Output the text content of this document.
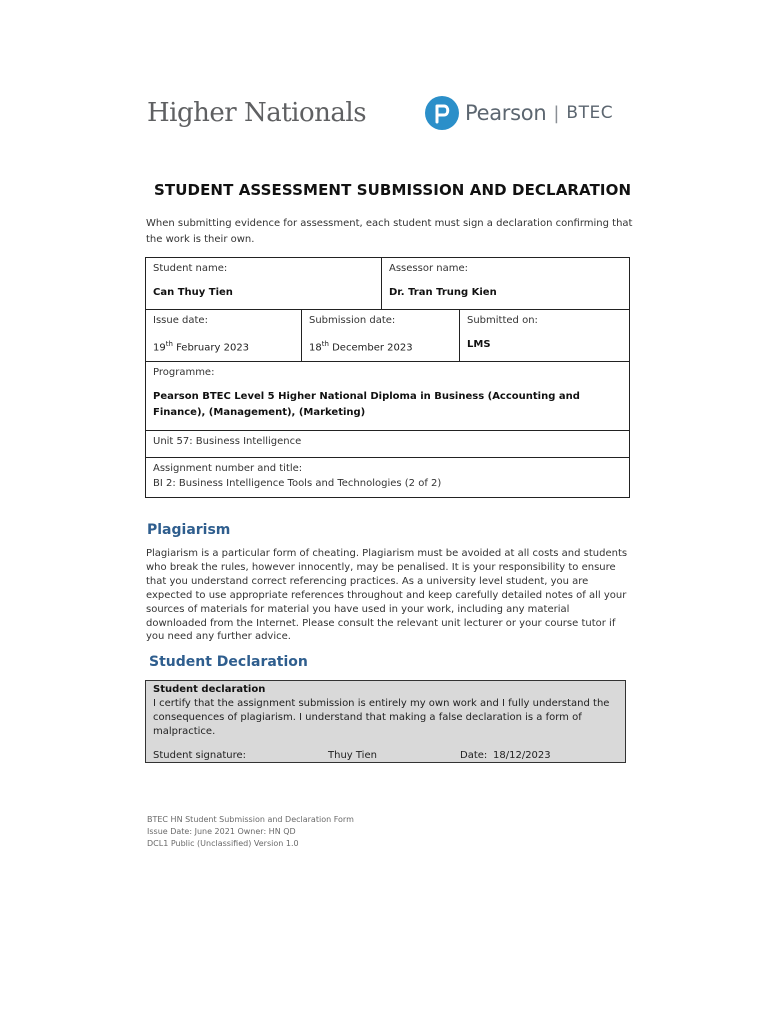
Higher Nationals	Pearson | BTEC
STUDENT ASSESSMENT SUBMISSION AND DECLARATION
When submitting evidence for assessment, each student must sign a declaration confirming that the work is their own.
Student name:
Can Thuy Tien		Assessor name:
Dr. Tran Trung Kien	

Issue date:
19th February 2023	Submission date:
18th December 2023		Submitted on:
LMS

Programme:
Pearson BTEC Level 5 Higher National Diploma in Business (Accounting and Finance), (Management), (Marketing)			

Unit 57: Business Intelligence			

Assignment number and title:
BI 2: Business Intelligence Tools and Technologies (2 of 2)			
Plagiarism
Plagiarism is a particular form of cheating. Plagiarism must be avoided at all costs and students who break the rules, however innocently, may be penalised. It is your responsibility to ensure that you understand correct referencing practices. As a university level student, you are expected to use appropriate references throughout and keep carefully detailed notes of all your sources of materials for material you have used in your work, including any material downloaded from the Internet. Please consult the relevant unit lecturer or your course tutor if you need any further advice.
Student Declaration
Student declaration
I certify that the assignment submission is entirely my own work and I fully understand the consequences of plagiarism. I understand that making a false declaration is a form of malpractice.
Student signature:	Thuy Tien	Date: 18/12/2023
BTEC HN Student Submission and Declaration Form
Issue Date: June 2021 Owner: HN QD
DCL1 Public (Unclassified) Version 1.0
